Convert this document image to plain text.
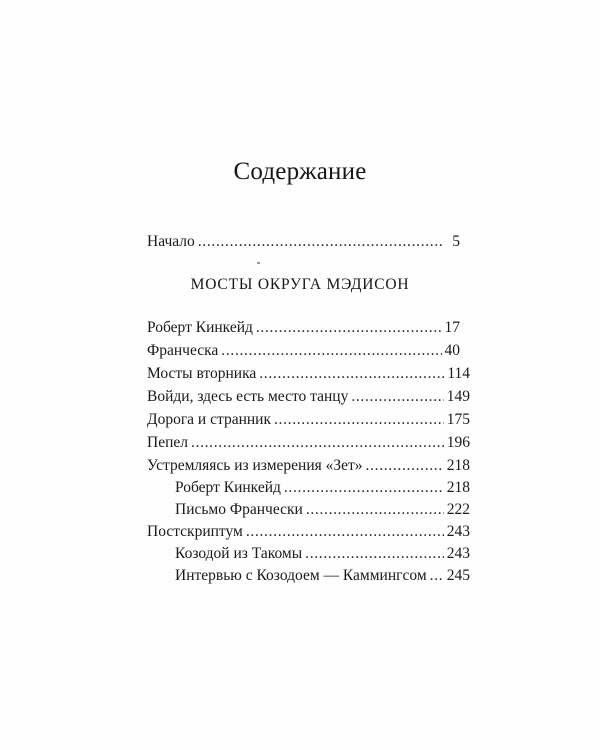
Содержание
Начало . . .	5
МОСТЫ ОКРУГА МЭДИСОН
Роберт Кинкейд . . .	17
Франческа . . .	40
Мосты вторника . . .	114
Войди, здесь есть место танцу . . .	149
Дорога и странник . . .	175
Пепел . . .	196
Устремляясь из измерения «Зет» . . .	218
Роберт Кинкейд . . .	218
Письмо Франчески . . .	222
Постскриптум . . .	243
Козодой из Такомы . . .	243
Интервью с Козодоем — Каммингсом . . . 245
